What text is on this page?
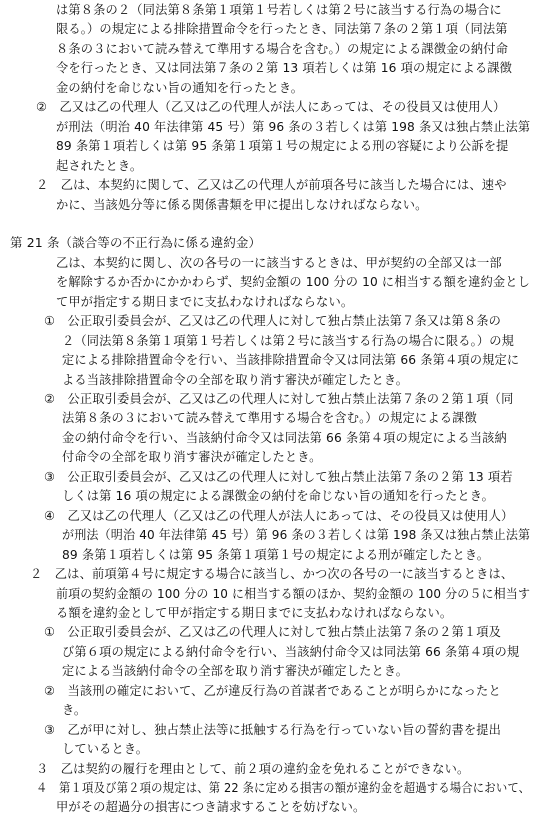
は第８条の２（同法第８条第１項第１号若しくは第２号に該当する行為の場合に
限る。）の規定による排除措置命令を行ったとき、同法第７条の２第１項（同法第
８条の３において読み替えて準用する場合を含む。）の規定による課徴金の納付命
令を行ったとき、又は同法第７条の２第 13 項若しくは第 16 項の規定による課徴
金の納付を命じない旨の通知を行ったとき。
②　乙又は乙の代理人（乙又は乙の代理人が法人にあっては、その役員又は使用人）
が刑法（明治 40 年法律第 45 号）第 96 条の３若しくは第 198 条又は独占禁止法第
89 条第１項若しくは第 95 条第１項第１号の規定による刑の容疑により公訴を提
起されたとき。
２　乙は、本契約に関して、乙又は乙の代理人が前項各号に該当した場合には、速や
かに、当該処分等に係る関係書類を甲に提出しなければならない。
第 21 条（談合等の不正行為に係る違約金）
乙は、本契約に関し、次の各号の一に該当するときは、甲が契約の全部又は一部
を解除するか否かにかかわらず、契約金額の 100 分の 10 に相当する額を違約金とし
て甲が指定する期日までに支払わなければならない。
①　公正取引委員会が、乙又は乙の代理人に対して独占禁止法第７条又は第８条の
２（同法第８条第１項第１号若しくは第２号に該当する行為の場合に限る。）の規
定による排除措置命令を行い、当該排除措置命令又は同法第 66 条第４項の規定に
よる当該排除措置命令の全部を取り消す審決が確定したとき。
②　公正取引委員会が、乙又は乙の代理人に対して独占禁止法第７条の２第１項（同
法第８条の３において読み替えて準用する場合を含む。）の規定による課徴
金の納付命令を行い、当該納付命令又は同法第 66 条第４項の規定による当該納
付命令の全部を取り消す審決が確定したとき。
③　公正取引委員会が、乙又は乙の代理人に対して独占禁止法第７条の２第 13 項若
しくは第 16 項の規定による課徴金の納付を命じない旨の通知を行ったとき。
④　乙又は乙の代理人（乙又は乙の代理人が法人にあっては、その役員又は使用人）
が刑法（明治 40 年法律第 45 号）第 96 条の３若しくは第 198 条又は独占禁止法第
89 条第１項若しくは第 95 条第１項第１号の規定による刑が確定したとき。
２　乙は、前項第４号に規定する場合に該当し、かつ次の各号の一に該当するときは、
前項の契約金額の 100 分の 10 に相当する額のほか、契約金額の 100 分の５に相当す
る額を違約金として甲が指定する期日までに支払わなければならない。
①　公正取引委員会が、乙又は乙の代理人に対して独占禁止法第７条の２第１項及
び第６項の規定による納付命令を行い、当該納付命令又は同法第 66 条第４項の規
定による当該納付命令の全部を取り消す審決が確定したとき。
②　当該刑の確定において、乙が違反行為の首謀者であることが明らかになったと
き。
③　乙が甲に対し、独占禁止法等に抵触する行為を行っていない旨の誓約書を提出
しているとき。
３　乙は契約の履行を理由として、前２項の違約金を免れることができない。
４　第１項及び第２項の規定は、第 22 条に定める損害の額が違約金を超過する場合において、
甲がその超過分の損害につき請求することを妨げない。
